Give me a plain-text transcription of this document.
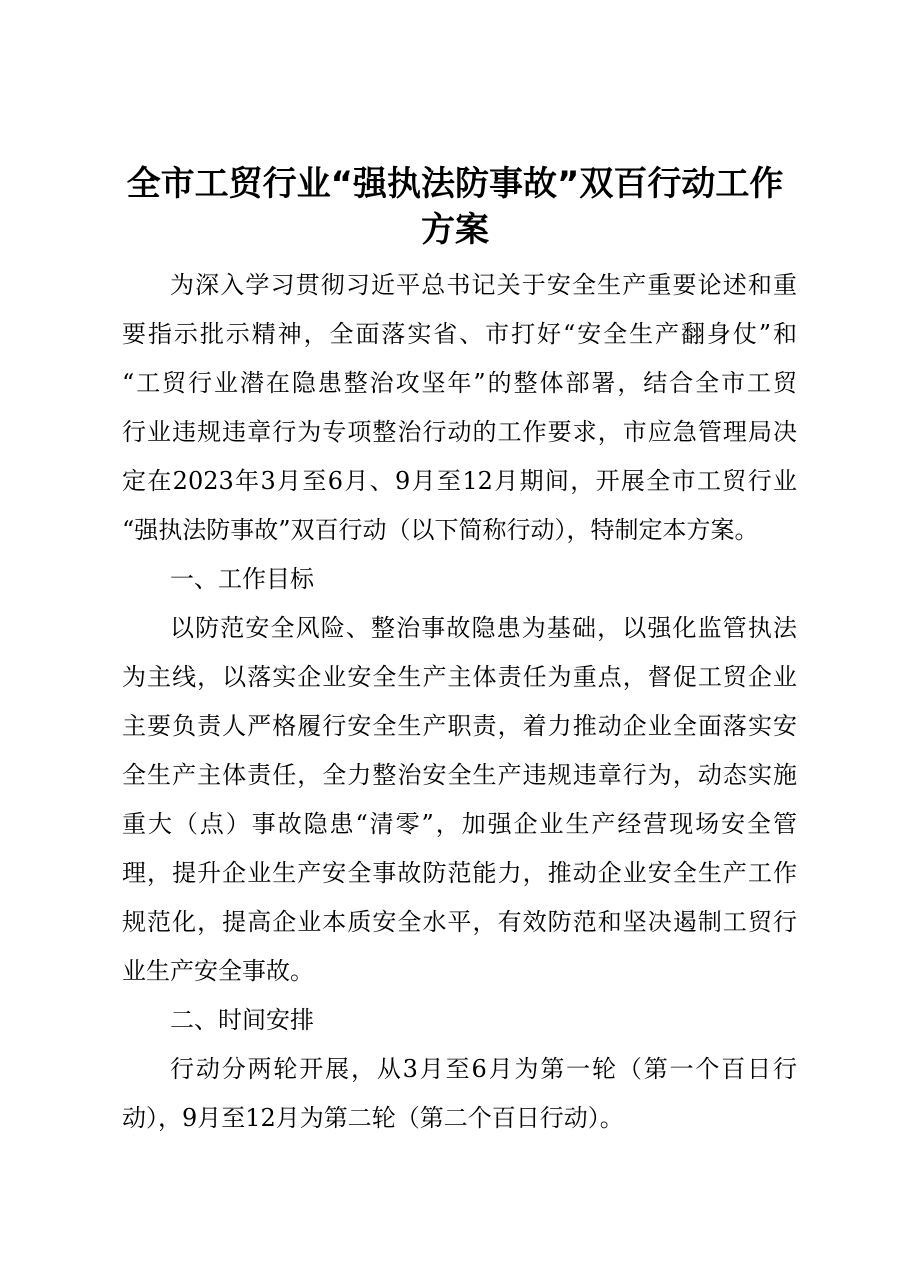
全市工贸行业“强执法防事故”双百行动工作
方案
为深入学习贯彻习近平总书记关于安全生产重要论述和重
要指示批示精神，全面落实省、市打好“安全生产翻身仗”和
“工贸行业潜在隐患整治攻坚年”的整体部署，结合全市工贸
行业违规违章行为专项整治行动的工作要求，市应急管理局决
定在2023年3月至6月、9月至12月期间，开展全市工贸行业
“强执法防事故”双百行动（以下简称行动），特制定本方案。
一、工作目标
以防范安全风险、整治事故隐患为基础，以强化监管执法
为主线，以落实企业安全生产主体责任为重点，督促工贸企业
主要负责人严格履行安全生产职责，着力推动企业全面落实安
全生产主体责任，全力整治安全生产违规违章行为，动态实施
重大（点）事故隐患“清零”，加强企业生产经营现场安全管
理，提升企业生产安全事故防范能力，推动企业安全生产工作
规范化，提高企业本质安全水平，有效防范和坚决遏制工贸行
业生产安全事故。
二、时间安排
行动分两轮开展，从3月至6月为第一轮（第一个百日行
动），9月至12月为第二轮（第二个百日行动）。
